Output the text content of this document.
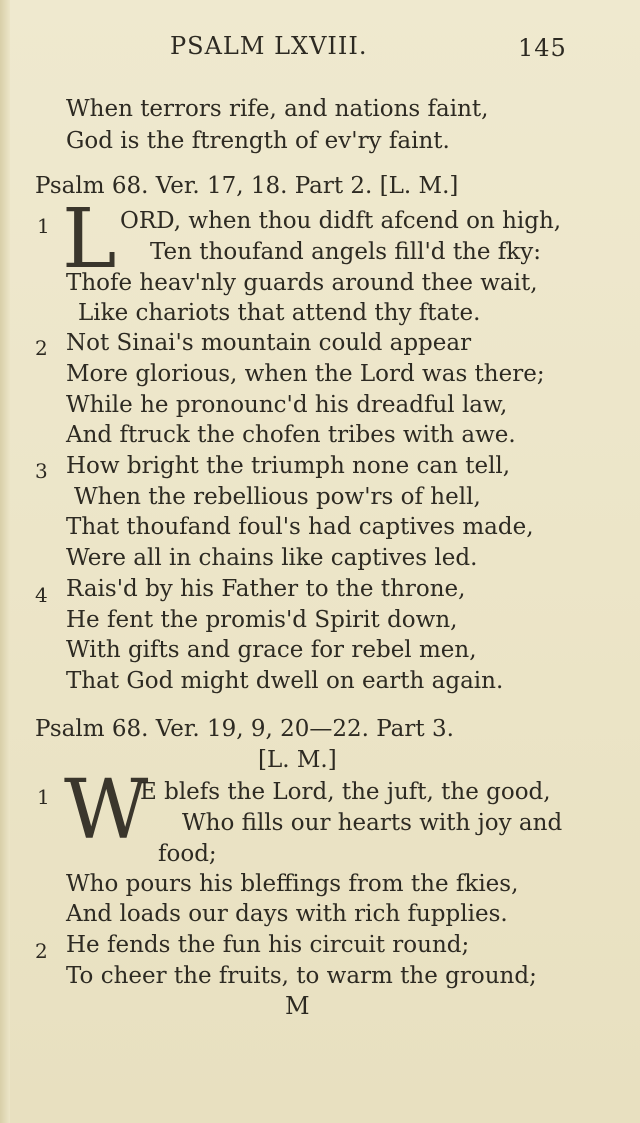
PSALM LXVIII.	145
When terrors rife, and nations faint,
God is the ftrength of ev'ry faint.
Psalm 68. Ver. 17, 18. Part 2. [L. M.]
1 L ORD, when thou didft afcend on high,
Ten thoufand angels fill'd the fky:
Thofe heav'nly guards around thee wait,
Like chariots that attend thy ftate.
2 Not Sinai's mountain could appear
More glorious, when the Lord was there;
While he pronounc'd his dreadful law,
And ftruck the chofen tribes with awe.
3 How bright the triumph none can tell,
When the rebellious pow'rs of hell,
That thoufand foul's had captives made,
Were all in chains like captives led.
4 Rais'd by his Father to the throne,
He fent the promis'd Spirit down,
With gifts and grace for rebel men,
That God might dwell on earth again.
Psalm 68. Ver. 19, 9, 20—22. Part 3.
[L. M.]
1 W
E blefs the Lord, the juft, the good,
Who fills our hearts with joy and
food;
Who pours his bleffings from the fkies,
And loads our days with rich fupplies.
2 He fends the fun his circuit round;
To cheer the fruits, to warm the ground;
M
